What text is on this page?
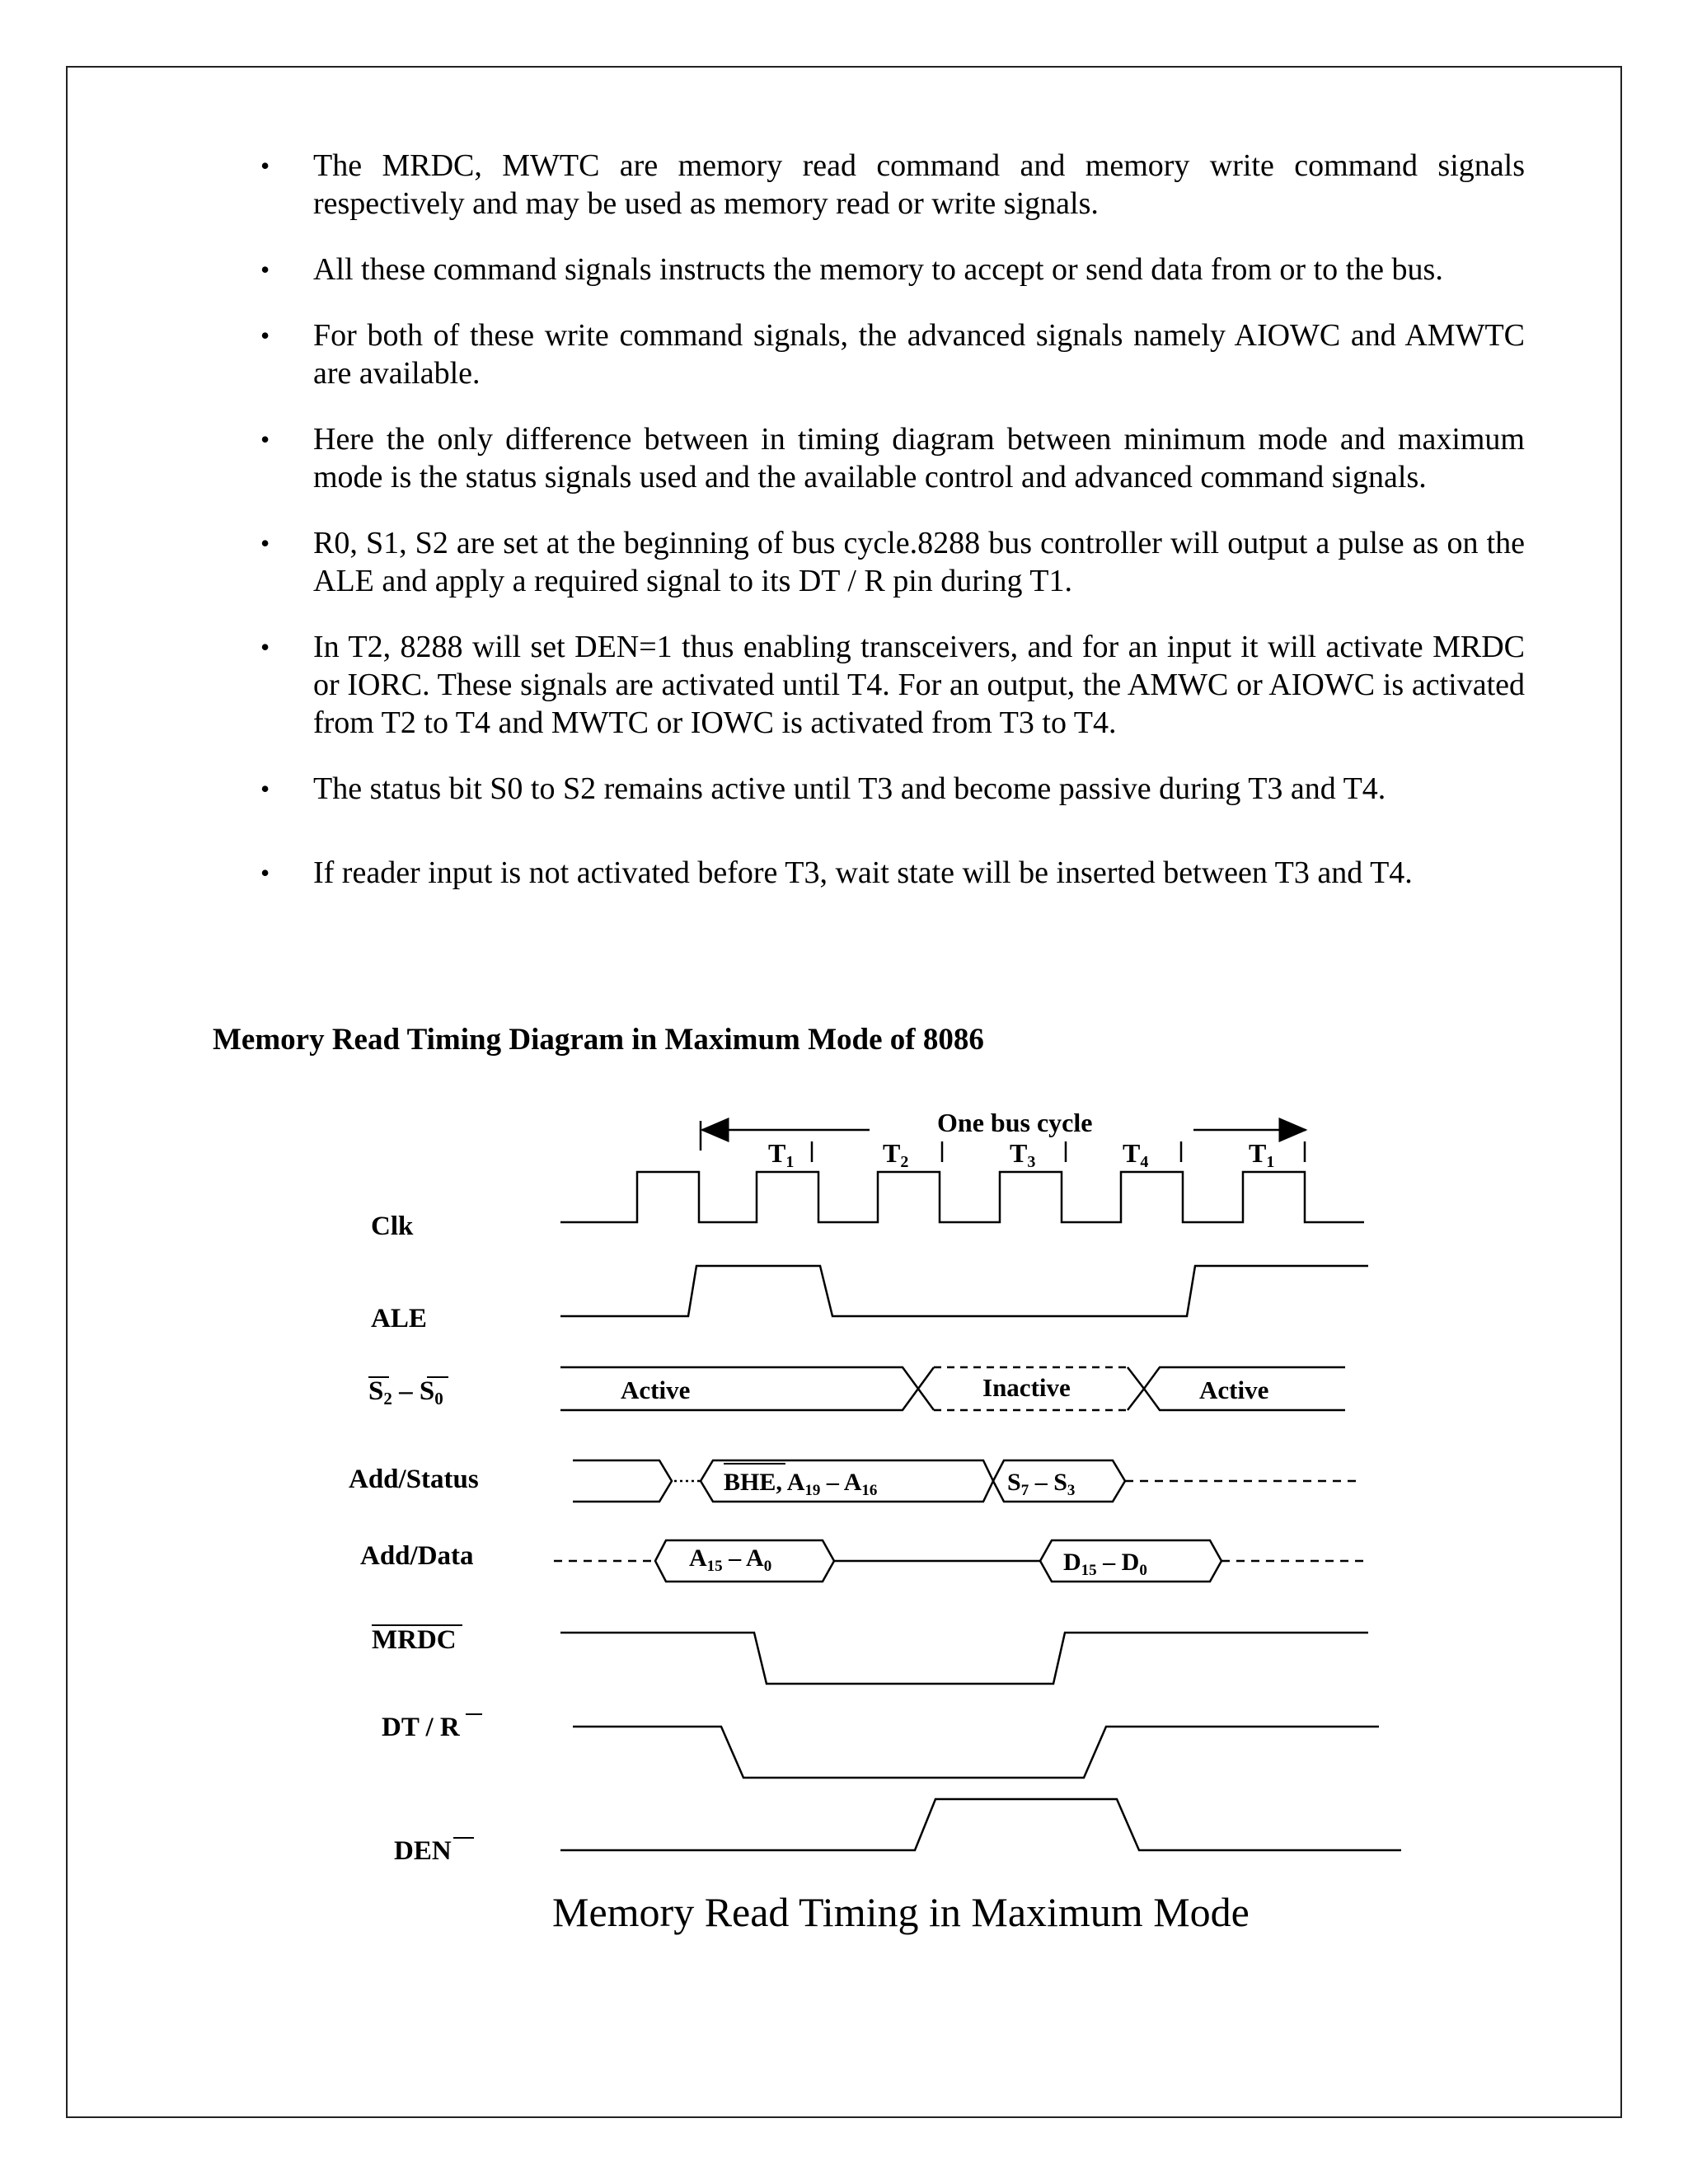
• The MRDC, MWTC are memory read command and memory write command signals respectively and may be used as memory read or write signals.
• All these command signals instructs the memory to accept or send data from or to the bus.
• For both of these write command signals, the advanced signals namely AIOWC and AMWTC are available.
• Here the only difference between in timing diagram between minimum mode and maximum mode is the status signals used and the available control and advanced command signals.
• R0, S1, S2 are set at the beginning of bus cycle.8288 bus controller will output a pulse as on the ALE and apply a required signal to its DT / R pin during T1.
• In T2, 8288 will set DEN=1 thus enabling transceivers, and for an input it will activate MRDC or IORC. These signals are activated until T4. For an output, the AMWC or AIOWC is activated from T2 to T4 and MWTC or IOWC is activated from T3 to T4.
• The status bit S0 to S2 remains active until T3 and become passive during T3 and T4.
• If reader input is not activated before T3, wait state will be inserted between T3 and T4.
Memory Read Timing Diagram in Maximum Mode of 8086
One bus cycle
T1	T2	T3	T4	T1
Clk
ALE
S2 – S0
Add/Status
Add/Data
MRDC
DT / R
DEN
Active	Inactive	Active
BHE, $A_{19} - A_{16}$	$S_7 - S_3$
$A_{15} - A_0$	$D_{15} - D_0$
Memory Read Timing in Maximum Mode
